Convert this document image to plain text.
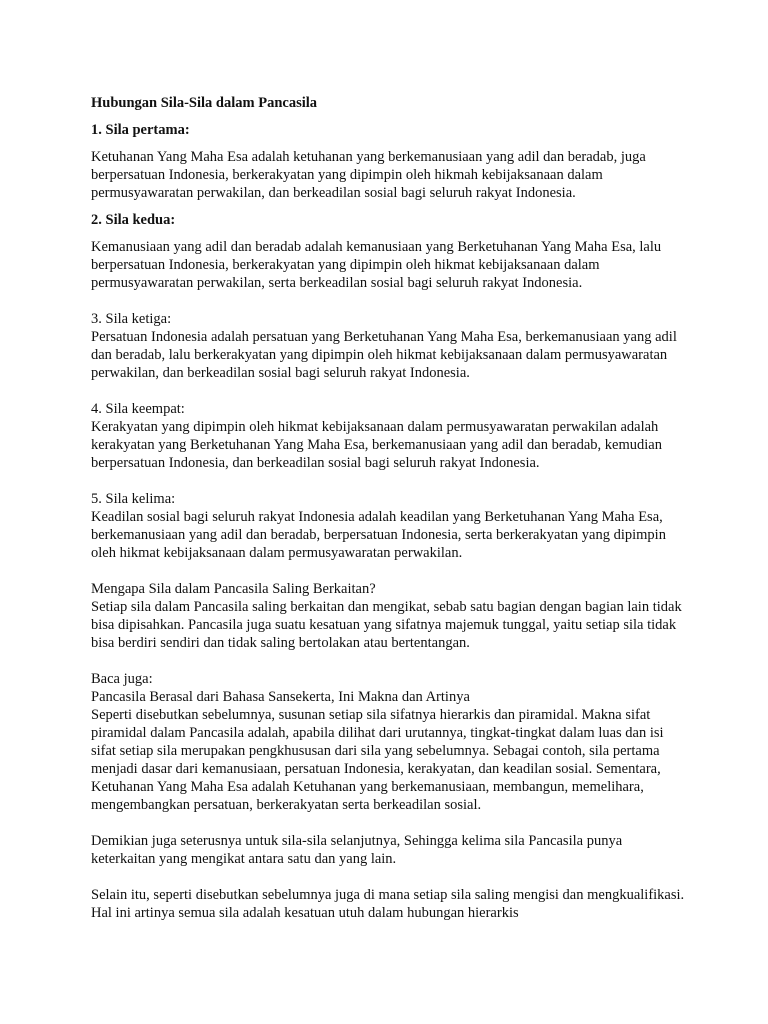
Hubungan Sila-Sila dalam Pancasila

1. Sila pertama:

Ketuhanan Yang Maha Esa adalah ketuhanan yang berkemanusiaan yang adil dan beradab, juga berpersatuan Indonesia, berkerakyatan yang dipimpin oleh hikmah kebijaksanaan dalam permusyawaratan perwakilan, dan berkeadilan sosial bagi seluruh rakyat Indonesia.

2. Sila kedua:

Kemanusiaan yang adil dan beradab adalah kemanusiaan yang Berketuhanan Yang Maha Esa, lalu berpersatuan Indonesia, berkerakyatan yang dipimpin oleh hikmat kebijaksanaan dalam permusyawaratan perwakilan, serta berkeadilan sosial bagi seluruh rakyat Indonesia.

3. Sila ketiga:

Persatuan Indonesia adalah persatuan yang Berketuhanan Yang Maha Esa, berkemanusiaan yang adil dan beradab, lalu berkerakyatan yang dipimpin oleh hikmat kebijaksanaan dalam permusyawaratan perwakilan, dan berkeadilan sosial bagi seluruh rakyat Indonesia.

4. Sila keempat:

Kerakyatan yang dipimpin oleh hikmat kebijaksanaan dalam permusyawaratan perwakilan adalah kerakyatan yang Berketuhanan Yang Maha Esa, berkemanusiaan yang adil dan beradab, kemudian berpersatuan Indonesia, dan berkeadilan sosial bagi seluruh rakyat Indonesia.

5. Sila kelima:

Keadilan sosial bagi seluruh rakyat Indonesia adalah keadilan yang Berketuhanan Yang Maha Esa, berkemanusiaan yang adil dan beradab, berpersatuan Indonesia, serta berkerakyatan yang dipimpin oleh hikmat kebijaksanaan dalam permusyawaratan perwakilan.

Mengapa Sila dalam Pancasila Saling Berkaitan?

Setiap sila dalam Pancasila saling berkaitan dan mengikat, sebab satu bagian dengan bagian lain tidak bisa dipisahkan. Pancasila juga suatu kesatuan yang sifatnya majemuk tunggal, yaitu setiap sila tidak bisa berdiri sendiri dan tidak saling bertolakan atau bertentangan.

Baca juga:

Pancasila Berasal dari Bahasa Sansekerta, Ini Makna dan Artinya

Seperti disebutkan sebelumnya, susunan setiap sila sifatnya hierarkis dan piramidal. Makna sifat piramidal dalam Pancasila adalah, apabila dilihat dari urutannya, tingkat-tingkat dalam luas dan isi sifat setiap sila merupakan pengkhususan dari sila yang sebelumnya. Sebagai contoh, sila pertama menjadi dasar dari kemanusiaan, persatuan Indonesia, kerakyatan, dan keadilan sosial. Sementara, Ketuhanan Yang Maha Esa adalah Ketuhanan yang berkemanusiaan, membangun, memelihara, mengembangkan persatuan, berkerakyatan serta berkeadilan sosial.

Demikian juga seterusnya untuk sila-sila selanjutnya, Sehingga kelima sila Pancasila punya keterkaitan yang mengikat antara satu dan yang lain.

Selain itu, seperti disebutkan sebelumnya juga di mana setiap sila saling mengisi dan mengkualifikasi. Hal ini artinya semua sila adalah kesatuan utuh dalam hubungan hierarkis
